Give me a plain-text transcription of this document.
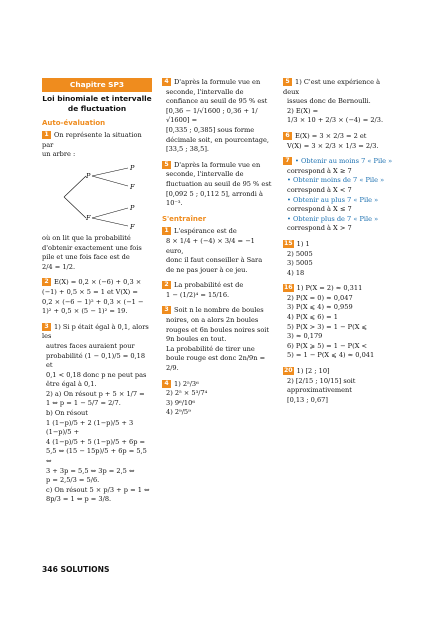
Chapitre SP3
Loi binomiale et intervalle de fluctuation
Auto-évaluation
1 On représente la situation par
un arbre :
P
F
P
F
P
F
où on lit que la probabilité
d'obtenir exactement une fois
pile et une fois face est de
2/4 = 1/2.
2 E(X) = 0,2 × (−6) + 0,3 ×
(−1) + 0,5 × 5 = 1 et V(X) =
0,2 × (−6 − 1)² + 0,3 × (−1 −
1)² + 0,5 × (5 − 1)² = 19.
3 1) Si p était égal à 0,1, alors les
autres faces auraient pour
probabilité (1 − 0,1)/5 = 0,18 et
0,1 < 0,18 donc p ne peut pas
être égal à 0,1.
2) a) On résout p + 5 × 1/7 =
1 ⇔ p = 1 − 5/7 = 2/7.
b) On résout
1 (1−p)/5 + 2 (1−p)/5 + 3 (1−p)/5 +
4 (1−p)/5 + 5 (1−p)/5 + 6p =
5,5 ⇔ (15 − 15p)/5 + 6p = 5,5 ⇔
3 + 3p = 5,5 ⇔ 3p = 2,5 ⇔
p = 2,5/3 = 5/6.
c) On résout 5 × p/3 + p = 1 ⇔
8p/3 = 1 ⇔ p = 3/8.
4 D'après la formule vue en
seconde, l'intervalle de
confiance au seuil de 95 % est
[0,36 − 1/√1600 ; 0,36 + 1/√1600] =
[0,335 ; 0,385] sous forme
décimale soit, en pourcentage,
[33,5 ; 38,5].
5 D'après la formule vue en
seconde, l'intervalle de
fluctuation au seuil de 95 % est
[0,092 5 ; 0,112 5], arrondi à
10⁻³.
S'entraîner
1 L'espérance est de
8 × 1/4 + (−4) × 3/4 = −1 euro,
donc il faut conseiller à Sara
de ne pas jouer à ce jeu.
2 La probabilité est de
1 − (1/2)⁴ = 15/16.
3 Soit n le nombre de boules
noires, on a alors 2n boules
rouges et 6n boules noires soit
9n boules en tout.
La probabilité de tirer une
boule rouge est donc 2n/9n = 2/9.
4 1) 2⁵/3⁶
2) 2⁵ × 5³/7⁴
3) 9⁶/10⁶
4) 2⁹/5⁹
5 1) C'est une expérience à deux
issues donc de Bernoulli.
2) E(X) =
1/3 × 10 + 2/3 × (−4) = 2/3.
6 E(X) = 3 × 2/3 = 2 et
V(X) = 3 × 2/3 × 1/3 = 2/3.
7 • Obtenir au moins 7 « Pile »
correspond à X ≥ 7
• Obtenir moins de 7 « Pile »
correspond à X < 7
• Obtenir au plus 7 « Pile »
correspond à X ≤ 7
• Obtenir plus de 7 « Pile »
correspond à X > 7
15 1) 1
2) 5005
3) 5005
4) 18
16 1) P(X = 2) ≈ 0,311
2) P(X = 0) ≈ 0,047
3) P(X ⩽ 4) ≈ 0,959
4) P(X ⩽ 6) = 1
5) P(X > 3) = 1 − P(X ⩽
3) ≈ 0,179
6) P(X ⩾ 5) = 1 − P(X <
5) = 1 − P(X ⩽ 4) ≈ 0,041
20 1) [2 ; 10]
2) [2/15 ; 10/15] soit
approximativement
[0,13 ; 0,67]
346 SOLUTIONS
